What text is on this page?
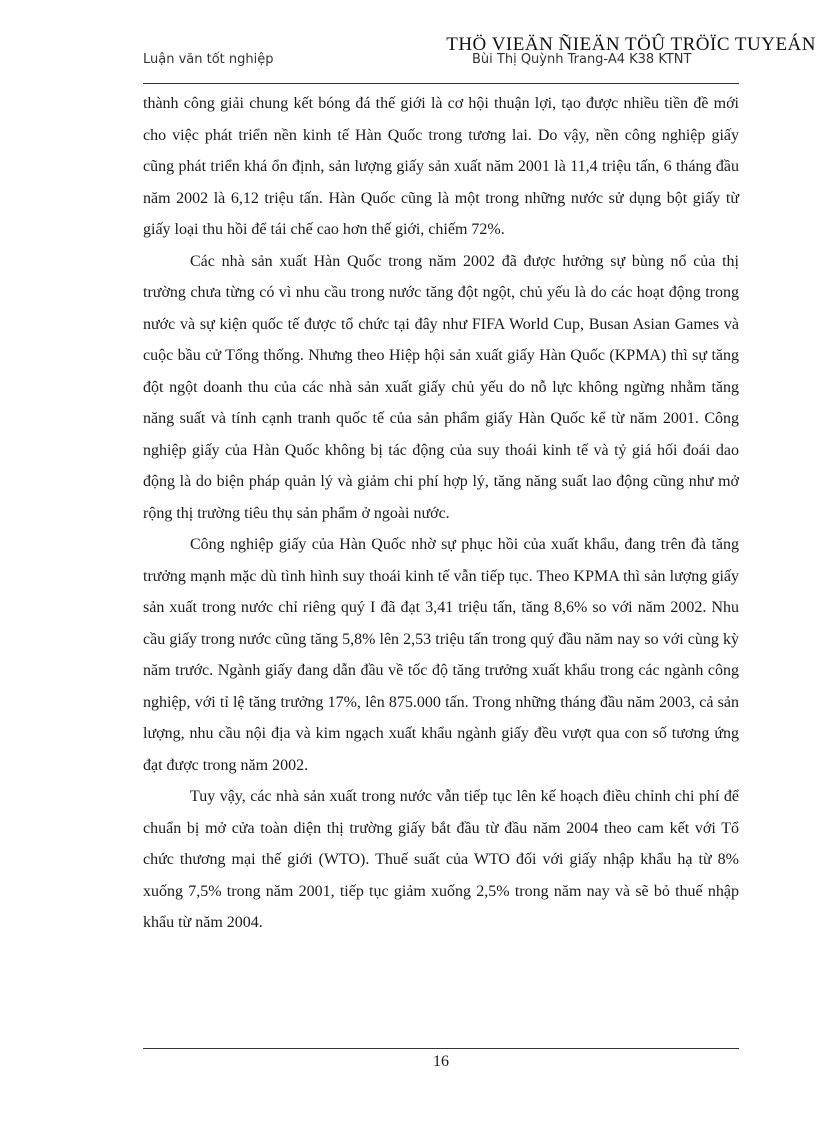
THÖ VIEÄN ÑIEÄN TÖÛ TRÖÏC TUYEÁN
Luận văn tốt nghiệp	Bùi Thị Quỳnh Trang-A4 K38 KTNT

thành công giải chung kết bóng đá thế giới là cơ hội thuận lợi, tạo được nhiều tiền đề mới cho việc phát triển nền kinh tế Hàn Quốc trong tương lai. Do vậy, nền công nghiệp giấy cũng phát triển khá ổn định, sản lượng giấy sản xuất năm 2001 là 11,4 triệu tấn, 6 tháng đầu năm 2002 là 6,12 triệu tấn. Hàn Quốc cũng là một trong những nước sử dụng bột giấy từ giấy loại thu hồi để tái chế cao hơn thế giới, chiếm 72%.

Các nhà sản xuất Hàn Quốc trong năm 2002 đã được hưởng sự bùng nổ của thị trường chưa từng có vì nhu cầu trong nước tăng đột ngột, chủ yếu là do các hoạt động trong nước và sự kiện quốc tế được tổ chức tại đây như FIFA World Cup, Busan Asian Games và cuộc bầu cử Tổng thống. Nhưng theo Hiệp hội sản xuất giấy Hàn Quốc (KPMA) thì sự tăng đột ngột doanh thu của các nhà sản xuất giấy chủ yếu do nỗ lực không ngừng nhằm tăng năng suất và tính cạnh tranh quốc tế của sản phẩm giấy Hàn Quốc kể từ năm 2001. Công nghiệp giấy của Hàn Quốc không bị tác động của suy thoái kinh tế và tỷ giá hối đoái dao động là do biện pháp quản lý và giảm chi phí hợp lý, tăng năng suất lao động cũng như mở rộng thị trường tiêu thụ sản phẩm ở ngoài nước.

Công nghiệp giấy của Hàn Quốc nhờ sự phục hồi của xuất khẩu, đang trên đà tăng trưởng mạnh mặc dù tình hình suy thoái kinh tế vẫn tiếp tục. Theo KPMA thì sản lượng giấy sản xuất trong nước chỉ riêng quý I đã đạt 3,41 triệu tấn, tăng 8,6% so với năm 2002. Nhu cầu giấy trong nước cũng tăng 5,8% lên 2,53 triệu tấn trong quý đầu năm nay so với cùng kỳ năm trước. Ngành giấy đang dẫn đầu về tốc độ tăng trưởng xuất khẩu trong các ngành công nghiệp, với tỉ lệ tăng trưởng 17%, lên 875.000 tấn. Trong những tháng đầu năm 2003, cả sản lượng, nhu cầu nội địa và kim ngạch xuất khẩu ngành giấy đều vượt qua con số tương ứng đạt được trong năm 2002.

Tuy vậy, các nhà sản xuất trong nước vẫn tiếp tục lên kế hoạch điều chỉnh chi phí để chuẩn bị mở cửa toàn diện thị trường giấy bắt đầu từ đầu năm 2004 theo cam kết với Tổ chức thương mại thế giới (WTO). Thuế suất của WTO đối với giấy nhập khẩu hạ từ 8% xuống 7,5% trong năm 2001, tiếp tục giảm xuống 2,5% trong năm nay và sẽ bỏ thuế nhập khẩu từ năm 2004.

16
